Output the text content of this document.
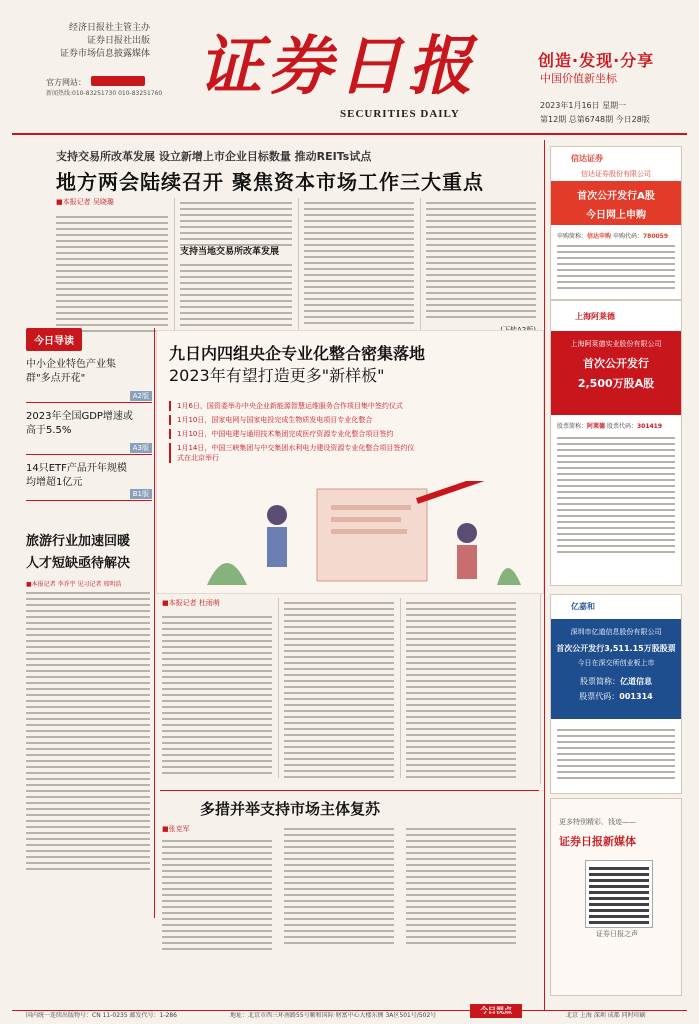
经济日报社主管主办
证券日报社出版
证券市场信息披露媒体
官方网站：
新闻热线:010-83251730 010-83251760 证券日报
SECURITIES DAILY
创造·发现·分享
中国价值新坐标
2023年1月16日 星期一
第12期 总第6748期 今日28版
支持交易所改革发展 设立新增上市企业目标数量 推动REITs试点
地方两会陆续召开 聚焦资本市场工作三大重点
■本报记者 吴晓璐
支持当地交易所改革发展
今日导读
中小企业特色产业集群"多点开花"
A2版
2023年全国GDP增速或高于5.5%
A3版
14只ETF产品开年规模均增超1亿元
B1版
九日内四组央企专业化整合密集落地
2023年有望打造更多"新样板"
1月6日，国资委举办中央企业新能源智慧运维服务合作项目集中签约仪式
1月10日，国家电网与国家电投完成生物质发电项目专业化整合
1月10日，中国电建与通用技术集团完成医疗资源专业化整合项目签约
1月14日，中国三峡集团与中交集团水利电力建设资源专业化整合项目签约仪式在北京举行
■本报记者 杜雨萌
旅游行业加速回暖
人才短缺亟待解决
■本报记者 李乔宇 见习记者 邢明浩
多措并举支持市场主体复苏
■张克军
信达证券
信达证券股份有限公司
首次公开发行A股
今日网上申购
申购简称：信达申购 申购代码：780059
上海阿莱德
上海阿莱德实业股份有限公司
首次公开发行
2,500万股A股
股票简称：阿莱德 股票代码：301419
亿嘉和
深圳市亿道信息股份有限公司
首次公开发行3,511.15万股股票
今日在深交所创业板上市
股票简称：亿道信息
股票代码：001314
更多特别精彩、钱迹——
证券日报新媒体
证券日报之声
国内统一连续出版物号：CN 11-0235 邮发代号：1-286	地址：北京市西三环南路55号顺和国际·财富中心大楼东侧 3A区501号/502号	北京 上海 深圳 成都 同时印刷
